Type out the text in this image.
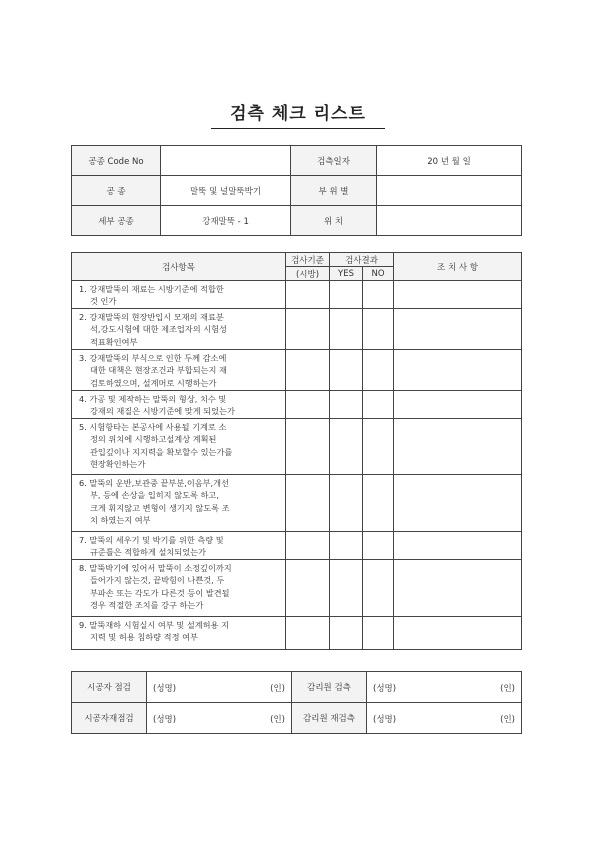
검측 체크 리스트
공종 Code No		검측일자	20 년 월 일
공 종	말뚝 및 널말뚝박기	부 위 별	
세부 공종	강재말뚝 - 1	위 치	
검사항목	검사기준	검사결과		조 치 사 항
	(시방)	YES	NO	
1. 강재말뚝의 재료는 시방기준에 적합한
것 인가				

2. 강재말뚝의 현장반입시 모재의 재료분
석,강도시험에 대한 제조업자의 시험성
적표확인여부				

3. 강재말뚝의 부식으로 인한 두께 감소에
대한 대책은 현장조건과 부합되는지 재
검토하였으며, 설계머로 시행하는가				

4. 가공 및 제작하는 말뚝의 형상, 치수 및
강재의 재질은 시방기준에 맞게 되었는가				

5. 시험항타는 본공사에 사용될 기계로 소
정의 위치에 시행하고설계상 계획된
관입깊이나 지지력을 확보할수 있는가를
현장확인하는가				

6. 말뚝의 운반,보관중 끝부분,이음부,개선
부, 등에 손상을 입히지 않도록 하고,
크게 휘지않고 변형이 생기지 않도록 조
치 하였는지 여부				

7. 말뚝의 세우기 및 박기를 위한 측량 및
규준틀은 적합하게 설치되었는가				

8. 말뚝박기에 있어서 말뚝이 소정깊이까지
들어가지 않는것, 끝박힘이 나쁜것, 두
부파손 또는 각도가 다른것 등이 발견될
경우 적절한 조치를 강구 하는가				

9. 말뚝재하 시험실시 여부 및 설계허용 지
지력 및 허용 침하량 적정 여부				

시공자 점검	(성명) (인)	감리원 검측	(성명) (인)

시공자재점검	(성명) (인)	감리원 재검측	(성명) (인)
